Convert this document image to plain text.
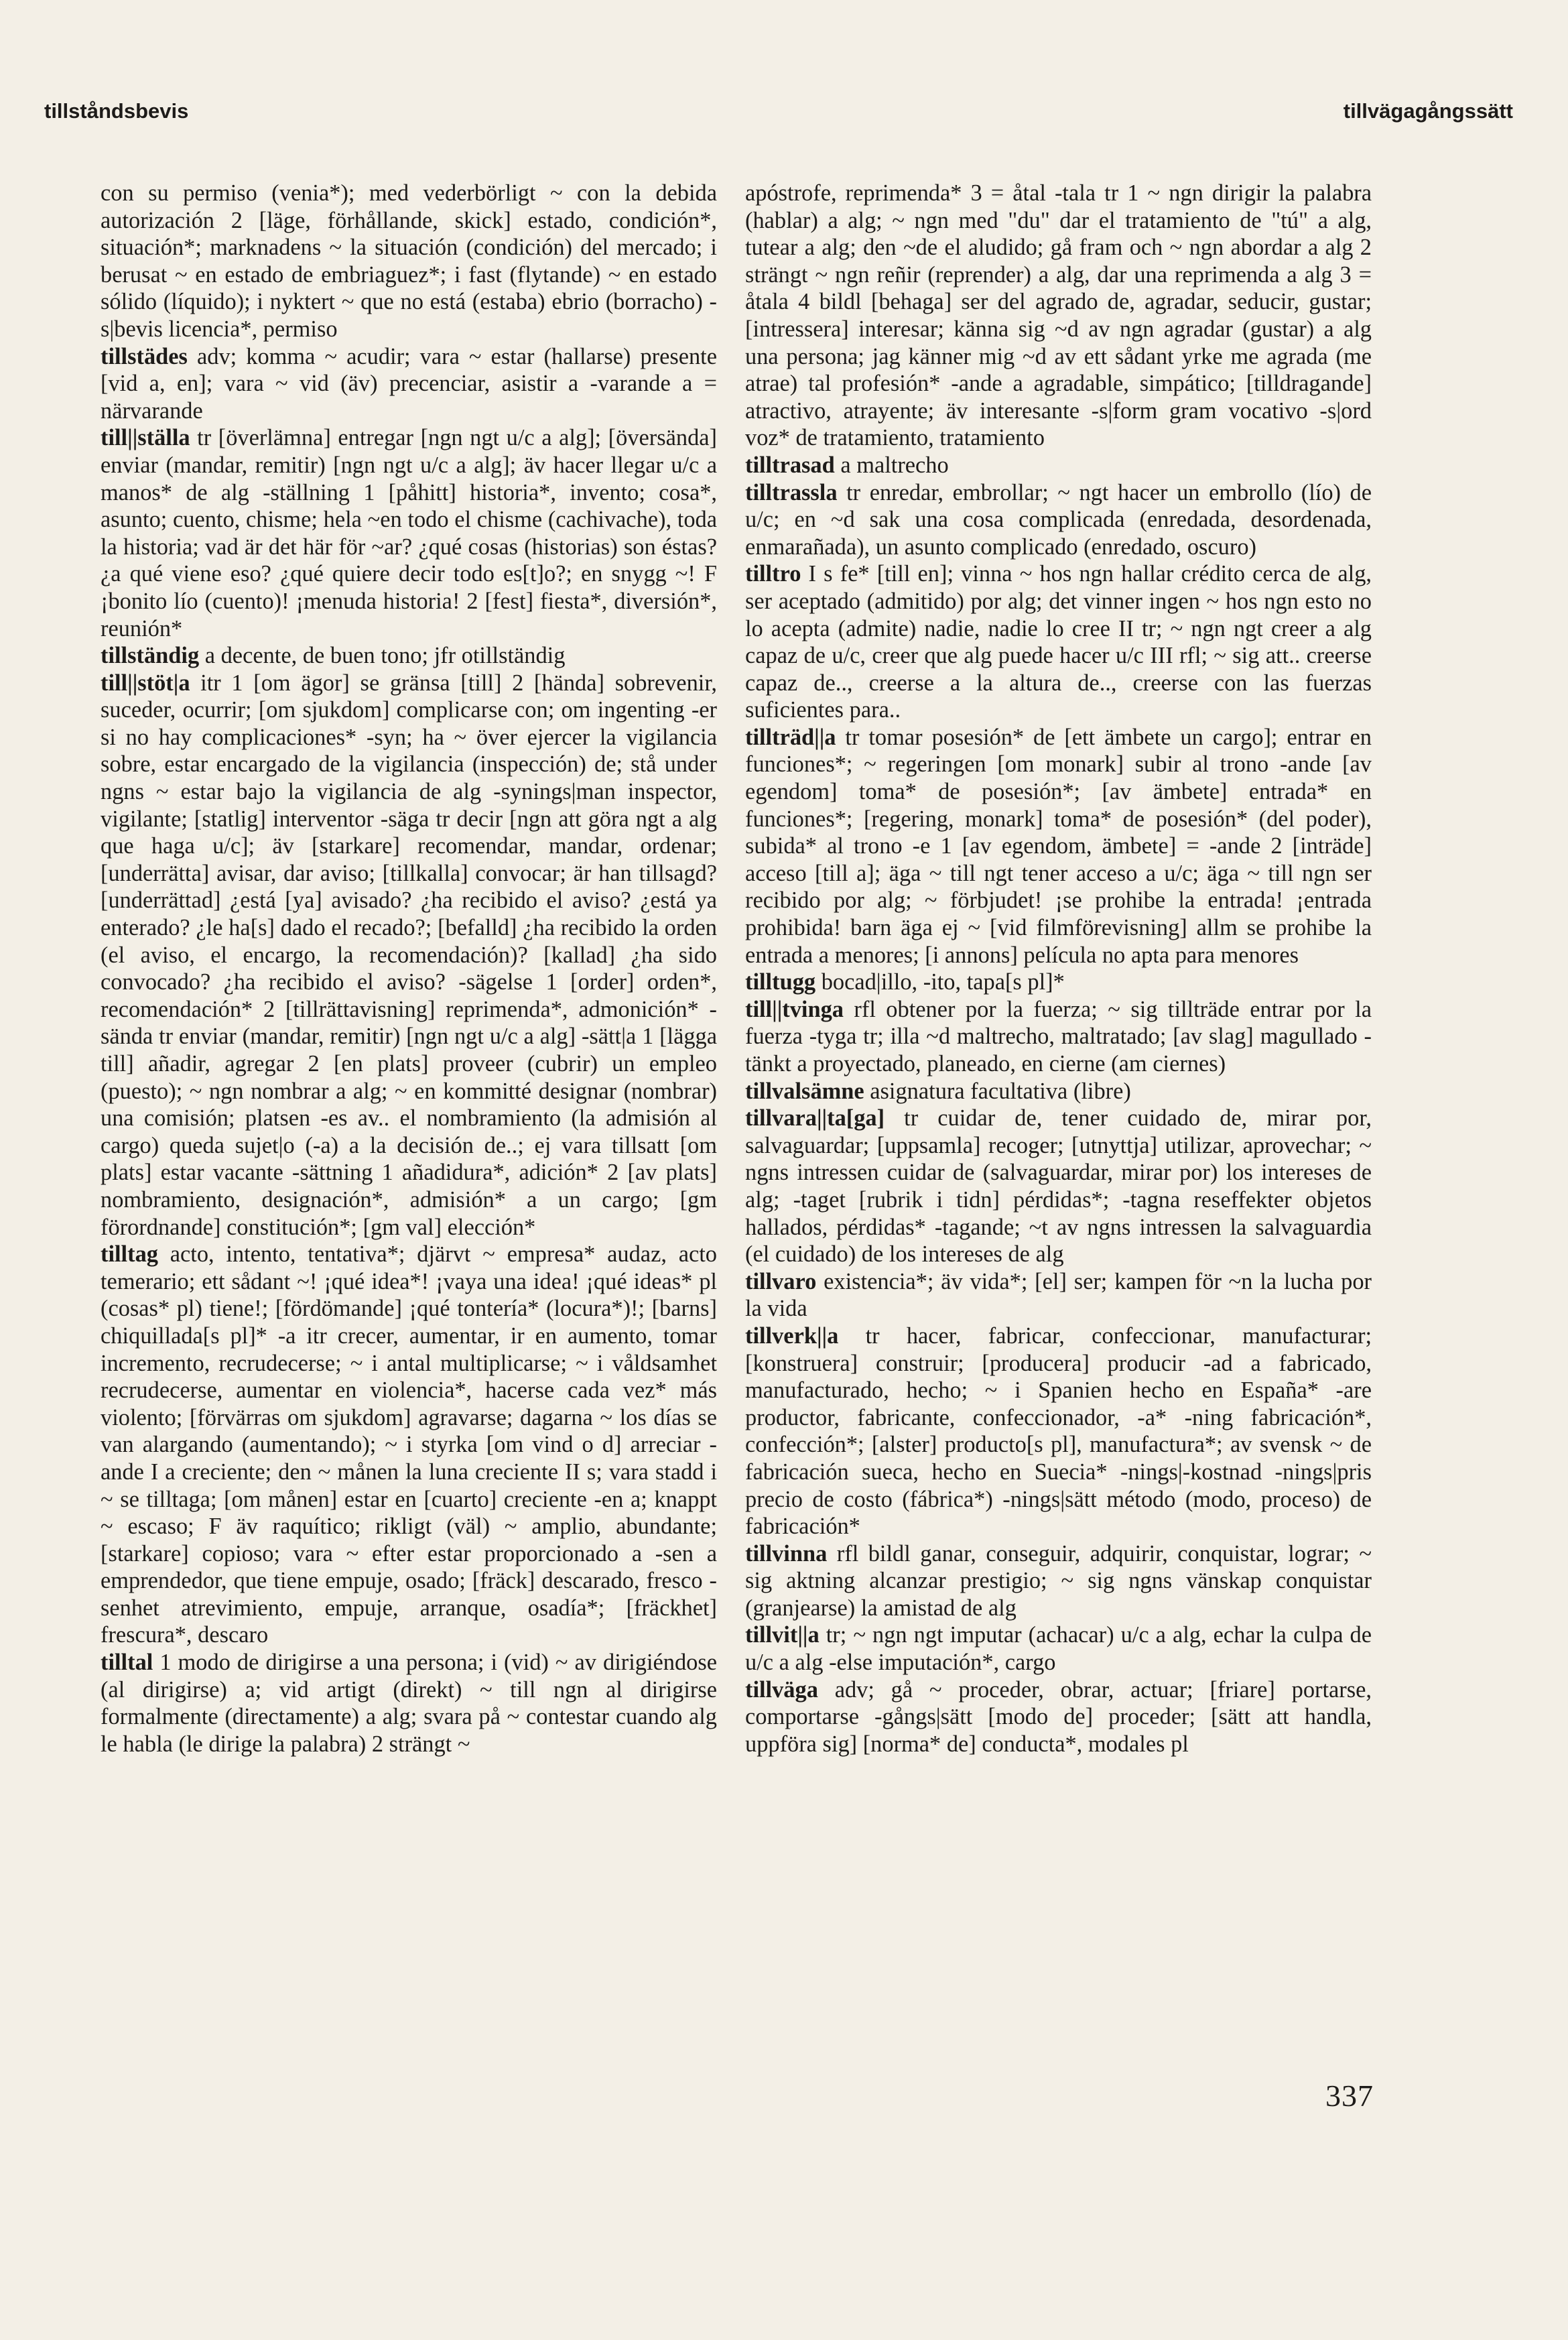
tillståndsbevis	tillvägagångssätt

con su permiso (venia*); med vederbörligt ~ con la debida autorización 2 [läge, förhållande, skick] estado, condición*, situación*; marknadens ~ la situación (condición) del mercado; i berusat ~ en estado de embriaguez*; i fast (flytande) ~ en estado sólido (líquido); i nyktert ~ que no está (estaba) ebrio (borracho) -s|bevis licencia*, permiso

tillstädes adv; komma ~ acudir; vara ~ estar (hallarse) presente [vid a, en]; vara ~ vid (äv) precenciar, asistir a -varande a = närvarande

till||ställa tr [överlämna] entregar [ngn ngt u/c a alg]; [översända] enviar (mandar, remitir) [ngn ngt u/c a alg]; äv hacer llegar u/c a manos* de alg -ställning 1 [påhitt] historia*, invento; cosa*, asunto; cuento, chisme; hela ~en todo el chisme (cachivache), toda la historia; vad är det här för ~ar? ¿qué cosas (historias) son éstas? ¿a qué viene eso? ¿qué quiere decir todo es[t]o?; en snygg ~! F ¡bonito lío (cuento)! ¡menuda historia! 2 [fest] fiesta*, diversión*, reunión*

tillständig a decente, de buen tono; jfr otillständig

till||stöt|a itr 1 [om ägor] se gränsa [till] 2 [hända] sobrevenir, suceder, ocurrir; [om sjukdom] complicarse con; om ingenting -er si no hay complicaciones* -syn; ha ~ över ejercer la vigilancia sobre, estar encargado de la vigilancia (inspección) de; stå under ngns ~ estar bajo la vigilancia de alg -synings|man inspector, vigilante; [statlig] interventor -säga tr decir [ngn att göra ngt a alg que haga u/c]; äv [starkare] recomendar, mandar, ordenar; [underrätta] avisar, dar aviso; [tillkalla] convocar; är han tillsagd? [underrättad] ¿está [ya] avisado? ¿ha recibido el aviso? ¿está ya enterado? ¿le ha[s] dado el recado?; [befalld] ¿ha recibido la orden (el aviso, el encargo, la recomendación)? [kallad] ¿ha sido convocado? ¿ha recibido el aviso? -sägelse 1 [order] orden*, recomendación* 2 [tillrättavisning] reprimenda*, admonición* -sända tr enviar (mandar, remitir) [ngn ngt u/c a alg] -sätt|a 1 [lägga till] añadir, agregar 2 [en plats] proveer (cubrir) un empleo (puesto); ~ ngn nombrar a alg; ~ en kommitté designar (nombrar) una comisión; platsen -es av.. el nombramiento (la admisión al cargo) queda sujet|o (-a) a la decisión de..; ej vara tillsatt [om plats] estar vacante -sättning 1 añadidura*, adición* 2 [av plats] nombramiento, designación*, admisión* a un cargo; [gm förordnande] constitución*; [gm val] elección*

tilltag acto, intento, tentativa*; djärvt ~ empresa* audaz, acto temerario; ett sådant ~! ¡qué idea*! ¡vaya una idea! ¡qué ideas* pl (cosas* pl) tiene!; [fördömande] ¡qué tontería* (locura*)!; [barns] chiquillada[s pl]* -a itr crecer, aumentar, ir en aumento, tomar incremento, recrudecerse; ~ i antal multiplicarse; ~ i våldsamhet recrudecerse, aumentar en violencia*, hacerse cada vez* más violento; [förvärras om sjukdom] agravarse; dagarna ~ los días se van alargando (aumentando); ~ i styrka [om vind o d] arreciar -ande I a creciente; den ~ månen la luna creciente II s; vara stadd i ~ se tilltaga; [om månen] estar en [cuarto] creciente -en a; knappt ~ escaso; F äv raquítico; rikligt (väl) ~ amplio, abundante; [starkare] copioso; vara ~ efter estar proporcionado a -sen a emprendedor, que tiene empuje, osado; [fräck] descarado, fresco -senhet atrevimiento, empuje, arranque, osadía*; [fräckhet] frescura*, descaro

tilltal 1 modo de dirigirse a una persona; i (vid) ~ av dirigiéndose (al dirigirse) a; vid artigt (direkt) ~ till ngn al dirigirse formalmente (directamente) a alg; svara på ~ contestar cuando alg le habla (le dirige la palabra) 2 strängt ~

apóstrofe, reprimenda* 3 = åtal -tala tr 1 ~ ngn dirigir la palabra (hablar) a alg; ~ ngn med "du" dar el tratamiento de "tú" a alg, tutear a alg; den ~de el aludido; gå fram och ~ ngn abordar a alg 2 strängt ~ ngn reñir (reprender) a alg, dar una reprimenda a alg 3 = åtala 4 bildl [behaga] ser del agrado de, agradar, seducir, gustar; [intressera] interesar; känna sig ~d av ngn agradar (gustar) a alg una persona; jag känner mig ~d av ett sådant yrke me agrada (me atrae) tal profesión* -ande a agradable, simpático; [tilldragande] atractivo, atrayente; äv interesante -s|form gram vocativo -s|ord voz* de tratamiento, tratamiento

tilltrasad a maltrecho

tilltrassla tr enredar, embrollar; ~ ngt hacer un embrollo (lío) de u/c; en ~d sak una cosa complicada (enredada, desordenada, enmarañada), un asunto complicado (enredado, oscuro)

tilltro I s fe* [till en]; vinna ~ hos ngn hallar crédito cerca de alg, ser aceptado (admitido) por alg; det vinner ingen ~ hos ngn esto no lo acepta (admite) nadie, nadie lo cree II tr; ~ ngn ngt creer a alg capaz de u/c, creer que alg puede hacer u/c III rfl; ~ sig att.. creerse capaz de.., creerse a la altura de.., creerse con las fuerzas suficientes para..

tillträd||a tr tomar posesión* de [ett ämbete un cargo]; entrar en funciones*; ~ regeringen [om monark] subir al trono -ande [av egendom] toma* de posesión*; [av ämbete] entrada* en funciones*; [regering, monark] toma* de posesión* (del poder), subida* al trono -e 1 [av egendom, ämbete] = -ande 2 [inträde] acceso [till a]; äga ~ till ngt tener acceso a u/c; äga ~ till ngn ser recibido por alg; ~ förbjudet! ¡se prohibe la entrada! ¡entrada prohibida! barn äga ej ~ [vid filmförevisning] allm se prohibe la entrada a menores; [i annons] película no apta para menores

tilltugg bocad|illo, -ito, tapa[s pl]*

till||tvinga rfl obtener por la fuerza; ~ sig tillträde entrar por la fuerza -tyga tr; illa ~d maltrecho, maltratado; [av slag] magullado -tänkt a proyectado, planeado, en cierne (am ciernes)

tillvalsämne asignatura facultativa (libre)

tillvara||ta[ga] tr cuidar de, tener cuidado de, mirar por, salvaguardar; [uppsamla] recoger; [utnyttja] utilizar, aprovechar; ~ ngns intressen cuidar de (salvaguardar, mirar por) los intereses de alg; -taget [rubrik i tidn] pérdidas*; -tagna reseffekter objetos hallados, pérdidas* -tagande; ~t av ngns intressen la salvaguardia (el cuidado) de los intereses de alg

tillvaro existencia*; äv vida*; [el] ser; kampen för ~n la lucha por la vida

tillverk||a tr hacer, fabricar, confeccionar, manufacturar; [konstruera] construir; [producera] producir -ad a fabricado, manufacturado, hecho; ~ i Spanien hecho en España* -are productor, fabricante, confeccionador, -a* -ning fabricación*, confección*; [alster] producto[s pl], manufactura*; av svensk ~ de fabricación sueca, hecho en Suecia* -nings|-kostnad -nings|pris precio de costo (fábrica*) -nings|sätt método (modo, proceso) de fabricación*

tillvinna rfl bildl ganar, conseguir, adquirir, conquistar, lograr; ~ sig aktning alcanzar prestigio; ~ sig ngns vänskap conquistar (granjearse) la amistad de alg

tillvit||a tr; ~ ngn ngt imputar (achacar) u/c a alg, echar la culpa de u/c a alg -else imputación*, cargo

tillväga adv; gå ~ proceder, obrar, actuar; [friare] portarse, comportarse -gångs|sätt [modo de] proceder; [sätt att handla, uppföra sig] [norma* de] conducta*, modales pl

337
